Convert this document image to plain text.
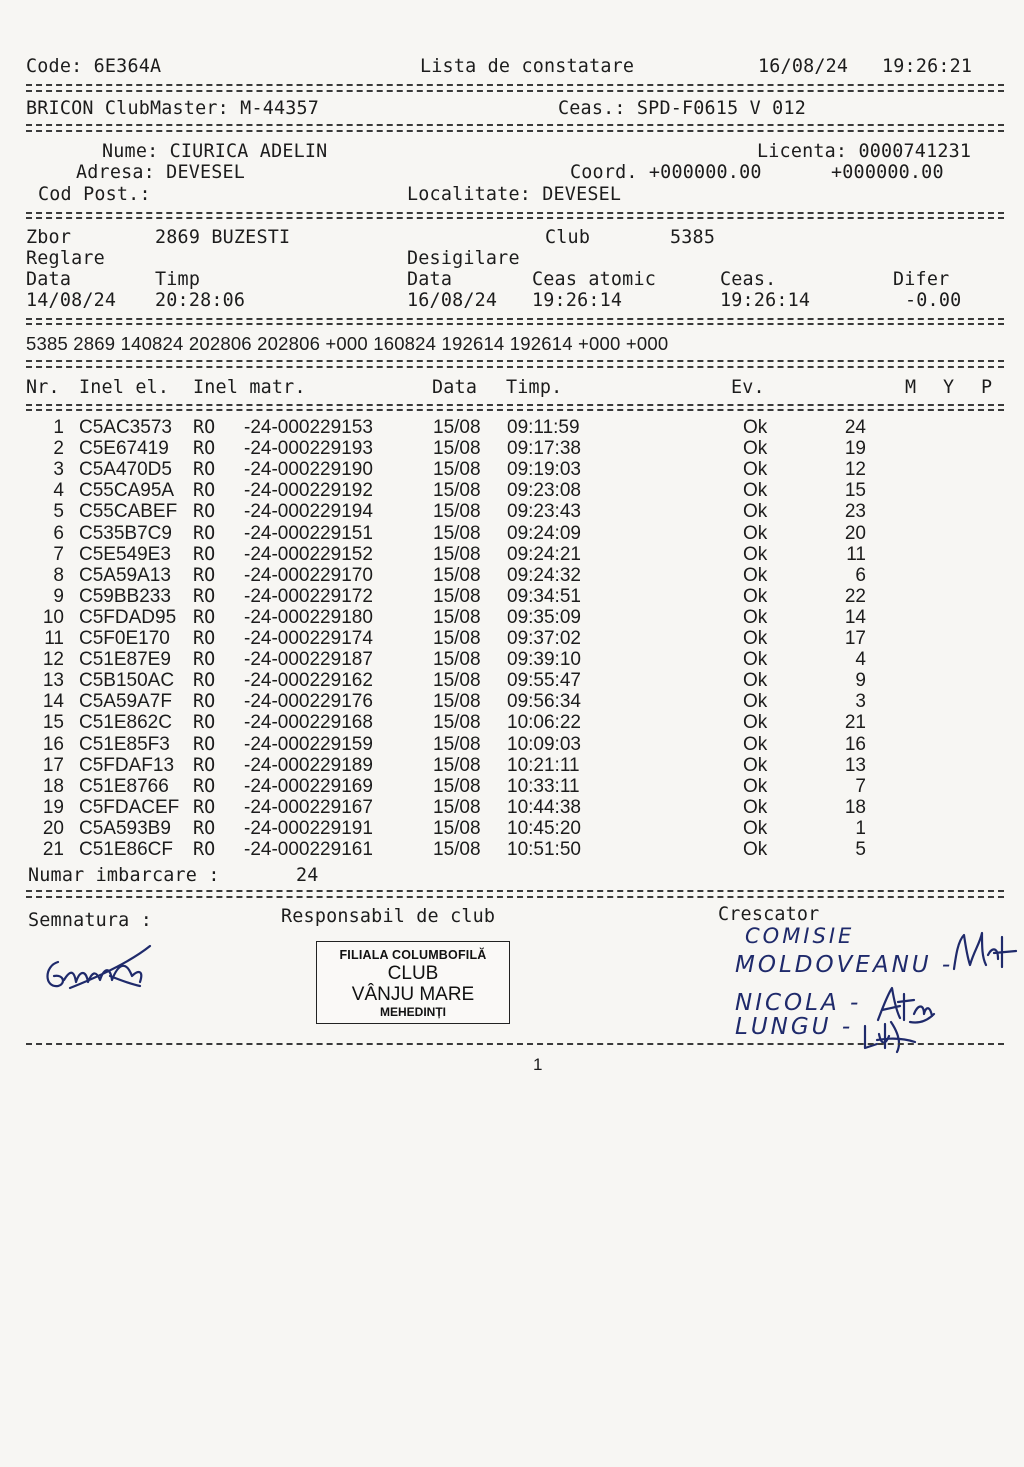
Code: 6E364A	Lista de constatare	16/08/24 19:26:21
BRICON ClubMaster: M-44357	Ceas.: SPD-F0615 V 012
Nume: CIURICA ADELIN	Licenta: 0000741231
Adresa: DEVESEL	Coord. +000000.00	+000000.00
Cod Post.:	Localitate: DEVESEL
Zbor	2869 BUZESTI	Club	5385
Reglare	Desigilare
Data	Timp	Data	Ceas atomic	Ceas.	Difer
14/08/24 20:28:06	16/08/24 19:26:14	19:26:14	-0.00
5385 2869 140824 202806 202806 +000 160824 192614 192614 +000 +000
Nr. Inel el. Inel matr.	Data Timp.	Ev.	M Y P
1 C5AC3573 RO -24-000229153	15/08 09:11:59	Ok	24
2 C5E67419 RO -24-000229193	15/08 09:17:38	Ok	19
3 C5A470D5 RO -24-000229190	15/08 09:19:03	Ok	12
4 C55CA95A RO -24-000229192	15/08 09:23:08	Ok	15
5 C55CABEF RO -24-000229194	15/08 09:23:43	Ok	23
6 C535B7C9 RO -24-000229151	15/08 09:24:09	Ok	20
7 C5E549E3 RO -24-000229152	15/08 09:24:21	Ok	11
8 C5A59A13 RO -24-000229170	15/08 09:24:32	Ok	6
9 C59BB233 RO -24-000229172	15/08 09:34:51	Ok	22
10 C5FDAD95 RO -24-000229180	15/08 09:35:09	Ok	14
11 C5F0E170 RO -24-000229174	15/08 09:37:02	Ok	17
12 C51E87E9 RO -24-000229187	15/08 09:39:10	Ok	4
13 C5B150AC RO -24-000229162	15/08 09:55:47	Ok	9
14 C5A59A7F RO -24-000229176	15/08 09:56:34	Ok	3
15 C51E862C RO -24-000229168	15/08 10:06:22	Ok	21
16 C51E85F3 RO -24-000229159	15/08 10:09:03	Ok	16
17 C5FDAF13 RO -24-000229189	15/08 10:21:11	Ok	13
18 C51E8766 RO -24-000229169	15/08 10:33:11	Ok	7
19 C5FDACEF RO -24-000229167	15/08 10:44:38	Ok	18
20 C5A593B9 RO -24-000229191	15/08 10:45:20	Ok	1
21 C51E86CF RO -24-000229161	15/08 10:51:50	Ok	5
Numar imbarcare :	24
Semnatura :	Responsabil de club	Crescator
FILIALA COLUMBOFILĂ
CLUB
VÂNJU MARE
MEHEDINȚI
COMISIE
MOLDOVEANU -
NICOLA -
LUNGU -
1
